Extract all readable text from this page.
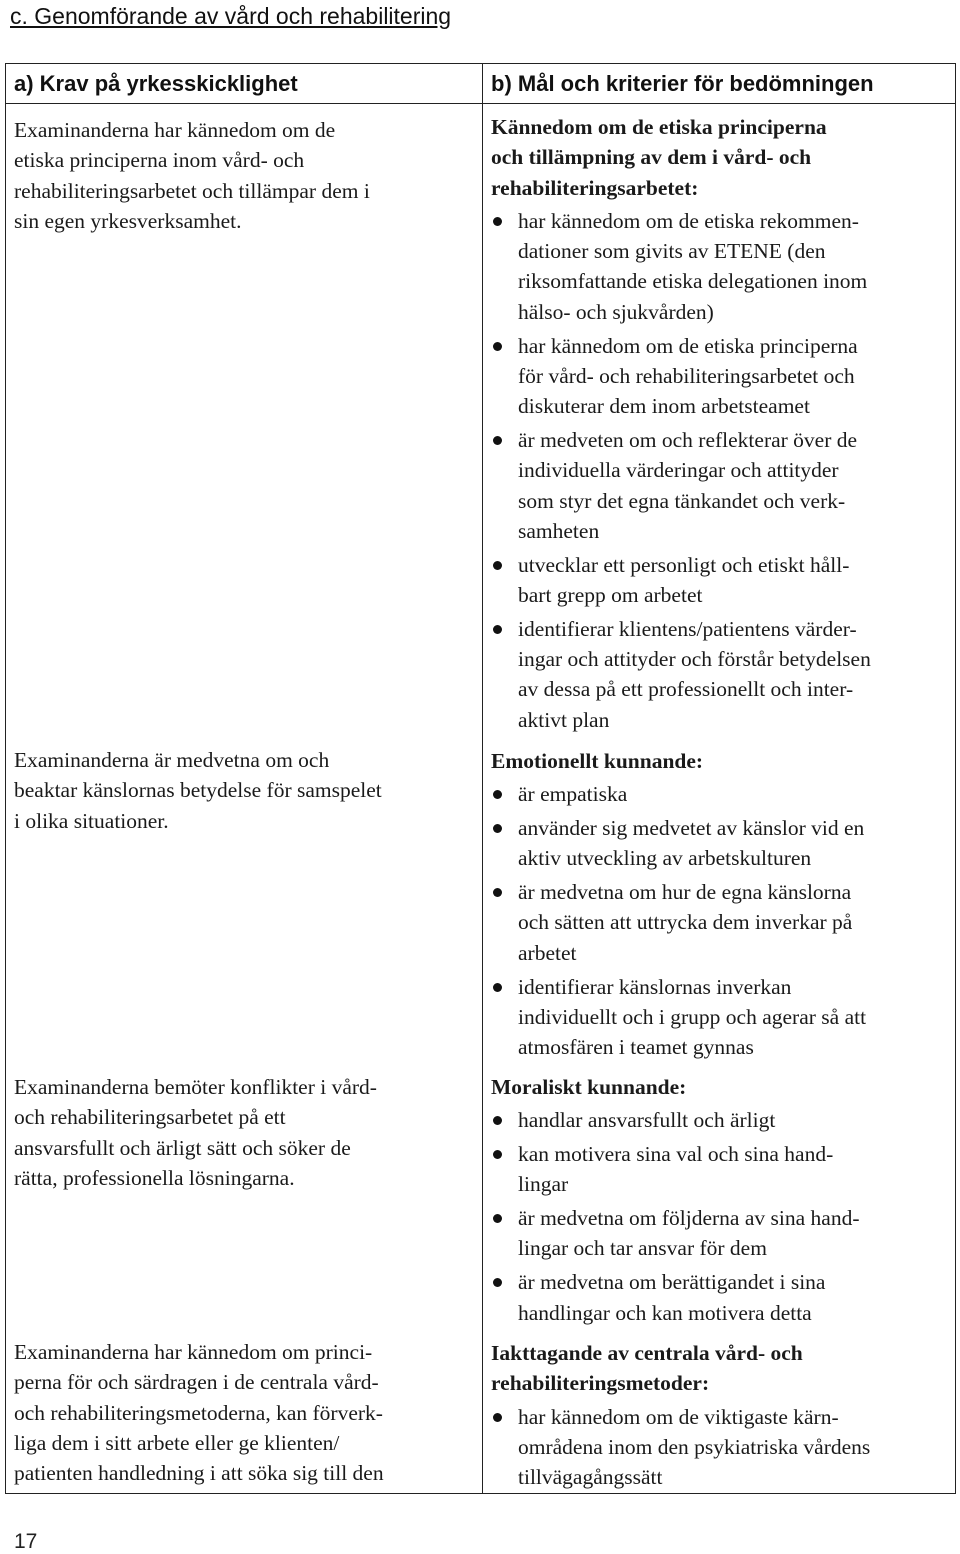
c. Genomförande av vård och rehabilitering
a) Krav på yrkesskicklighet	b) Mål och kriterier för bedömningen
Examinanderna har kännedom om de
etiska principerna inom vård- och
rehabiliteringsarbetet och tillämpar dem i
sin egen yrkesverksamhet.
Examinanderna är medvetna om och
beaktar känslornas betydelse för samspelet
i olika situationer.
Examinanderna bemöter konflikter i vård-
och rehabiliteringsarbetet på ett
ansvarsfullt och ärligt sätt och söker de
rätta, professionella lösningarna.
Examinanderna har kännedom om princi-
perna för och särdragen i de centrala vård-
och rehabiliteringsmetoderna, kan förverk-
liga dem i sitt arbete eller ge klienten/
patienten handledning i att söka sig till den
Kännedom om de etiska principerna
och tillämpning av dem i vård- och
rehabiliteringsarbetet:
har kännedom om de etiska rekommen-
dationer som givits av ETENE (den
riksomfattande etiska delegationen inom
hälso- och sjukvården)
har kännedom om de etiska principerna
för vård- och rehabiliteringsarbetet och
diskuterar dem inom arbetsteamet
är medveten om och reflekterar över de
individuella värderingar och attityder
som styr det egna tänkandet och verk-
samheten
utvecklar ett personligt och etiskt håll-
bart grepp om arbetet
identifierar klientens/patientens värder-
ingar och attityder och förstår betydelsen
av dessa på ett professionellt och inter-
aktivt plan
Emotionellt kunnande:
är empatiska
använder sig medvetet av känslor vid en
aktiv utveckling av arbetskulturen
är medvetna om hur de egna känslorna
och sätten att uttrycka dem inverkar på
arbetet
identifierar känslornas inverkan
individuellt och i grupp och agerar så att
atmosfären i teamet gynnas
Moraliskt kunnande:
handlar ansvarsfullt och ärligt
kan motivera sina val och sina hand-
lingar
är medvetna om följderna av sina hand-
lingar och tar ansvar för dem
är medvetna om berättigandet i sina
handlingar och kan motivera detta
Iakttagande av centrala vård- och
rehabiliteringsmetoder:
har kännedom om de viktigaste kärn-
områdena inom den psykiatriska vårdens
tillvägagångssätt
17
